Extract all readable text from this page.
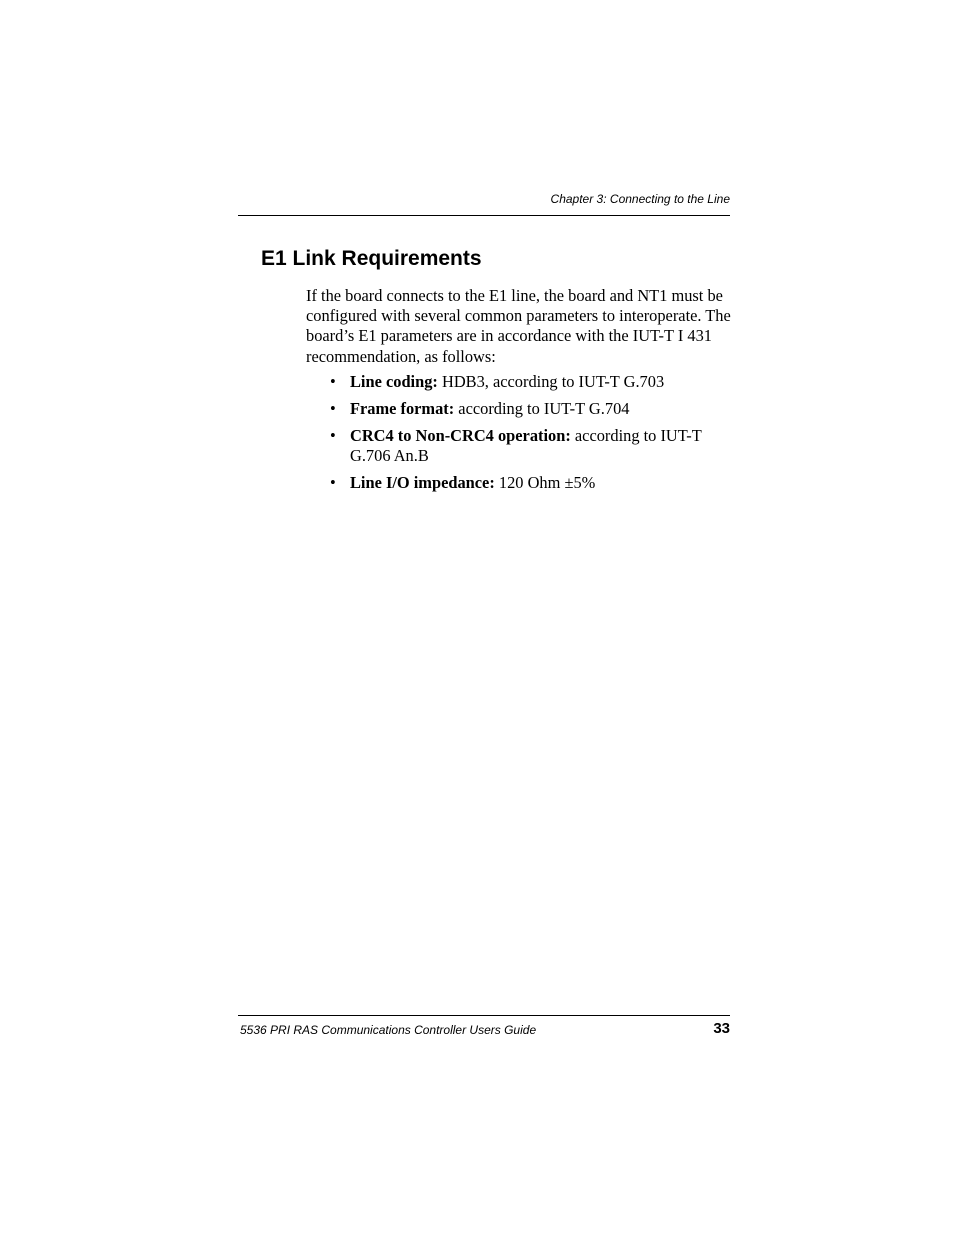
Chapter 3: Connecting to the Line
E1 Link Requirements

If the board connects to the E1 line, the board and NT1 must be configured with several common parameters to interoperate. The board’s E1 parameters are in accordance with the IUT-T I 431 recommendation, as follows:

• Line coding: HDB3, according to IUT-T G.703
• Frame format: according to IUT-T G.704
• CRC4 to Non-CRC4 operation: according to IUT-T G.706 An.B
• Line I/O impedance: 120 Ohm ±5%
5536 PRI RAS Communications Controller Users Guide	33
